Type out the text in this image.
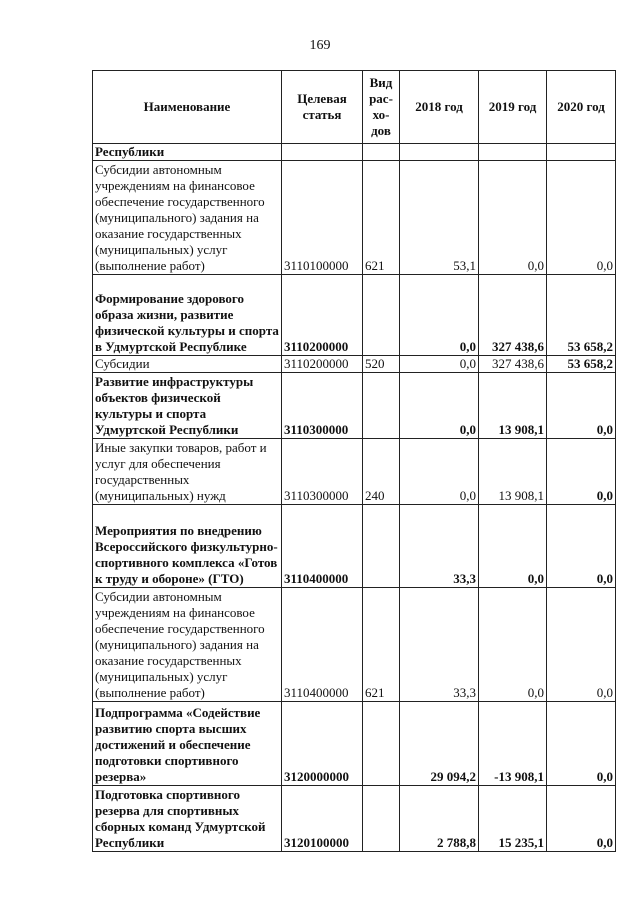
169
Наименование	Целевая статья	Вид рас-хо-дов	2018 год	2019 год	2020 год
Республики					
Субсидии автономным учреждениям на финансовое обеспечение государственного (муниципального) задания на оказание государственных (муниципальных) услуг (выполнение работ)	3110100000	621	53,1	0,0	0,0
Формирование здорового образа жизни, развитие физической культуры и спорта в Удмуртской Республике	3110200000		0,0	327 438,6	53 658,2
Субсидии	3110200000	520	0,0	327 438,6	53 658,2
Развитие инфраструктуры объектов физической культуры и спорта Удмуртской Республики	3110300000		0,0	13 908,1	0,0
Иные закупки товаров, работ и услуг для обеспечения государственных (муниципальных) нужд	3110300000	240	0,0	13 908,1	0,0
Мероприятия по внедрению Всероссийского физкультурно-спортивного комплекса «Готов к труду и обороне» (ГТО)	3110400000		33,3	0,0	0,0
Субсидии автономным учреждениям на финансовое обеспечение государственного (муниципального) задания на оказание государственных (муниципальных) услуг (выполнение работ)	3110400000	621	33,3	0,0	0,0
Подпрограмма «Содействие развитию спорта высших достижений и обеспечение подготовки спортивного резерва»	3120000000		29 094,2	-13 908,1	0,0
Подготовка спортивного резерва для спортивных сборных команд Удмуртской Республики	3120100000		2 788,8	15 235,1	0,0
